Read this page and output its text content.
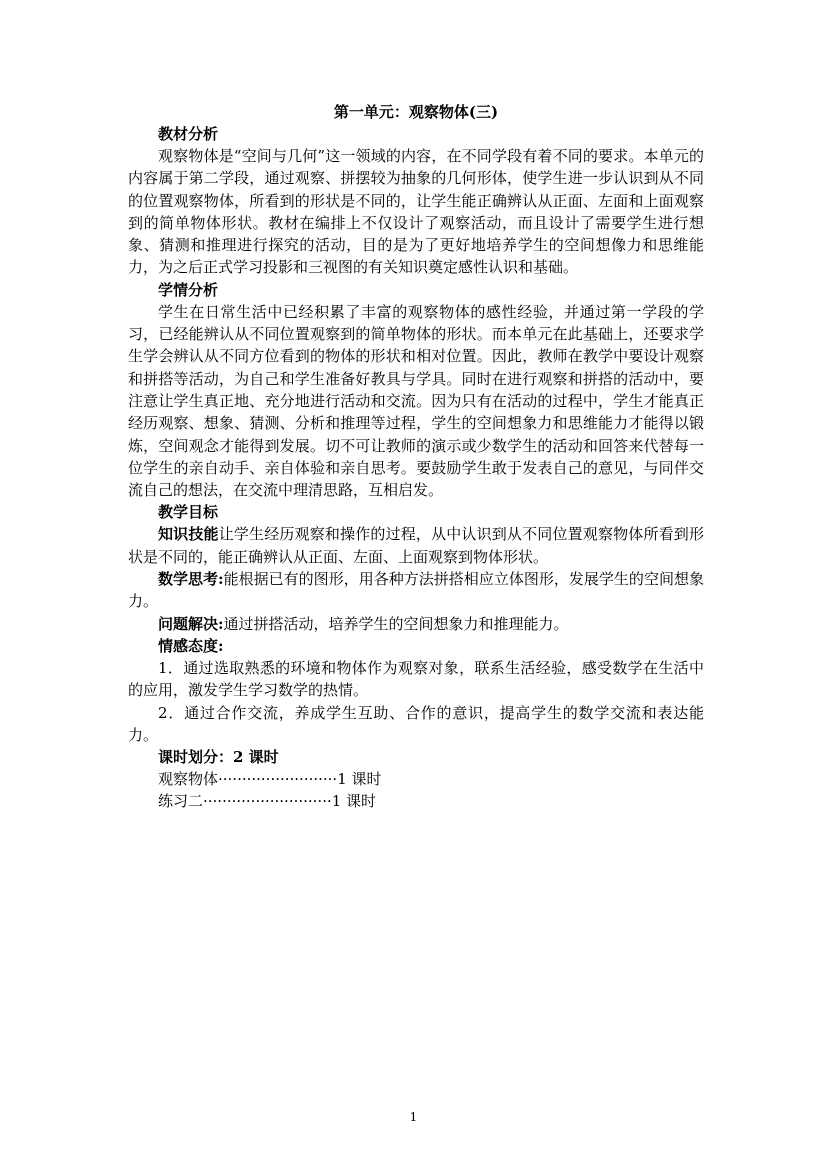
第一单元：观察物体(三)
教材分析

观察物体是“空间与几何”这一领域的内容，在不同学段有着不同的要求。本单元的内容属于第二学段，通过观察、拼摆较为抽象的几何形体，使学生进一步认识到从不同的位置观察物体，所看到的形状是不同的，让学生能正确辨认从正面、左面和上面观察到的简单物体形状。教材在编排上不仅设计了观察活动，而且设计了需要学生进行想象、猜测和推理进行探究的活动，目的是为了更好地培养学生的空间想像力和思维能力，为之后正式学习投影和三视图的有关知识奠定感性认识和基础。

学情分析

学生在日常生活中已经积累了丰富的观察物体的感性经验，并通过第一学段的学习，已经能辨认从不同位置观察到的简单物体的形状。而本单元在此基础上，还要求学生学会辨认从不同方位看到的物体的形状和相对位置。因此，教师在教学中要设计观察和拼搭等活动，为自己和学生准备好教具与学具。同时在进行观察和拼搭的活动中，要注意让学生真正地、充分地进行活动和交流。因为只有在活动的过程中，学生才能真正经历观察、想象、猜测、分析和推理等过程，学生的空间想象力和思维能力才能得以锻炼，空间观念才能得到发展。切不可让教师的演示或少数学生的活动和回答来代替每一位学生的亲自动手、亲自体验和亲自思考。要鼓励学生敢于发表自己的意见，与同伴交流自己的想法，在交流中理清思路，互相启发。

教学目标

知识技能让学生经历观察和操作的过程，从中认识到从不同位置观察物体所看到形状是不同的，能正确辨认从正面、左面、上面观察到物体形状。

数学思考:能根据已有的图形，用各种方法拼搭相应立体图形，发展学生的空间想象力。

问题解决:通过拼搭活动，培养学生的空间想象力和推理能力。

情感态度:

1．通过选取熟悉的环境和物体作为观察对象，联系生活经验，感受数学在生活中的应用，激发学生学习数学的热情。

2．通过合作交流，养成学生互助、合作的意识，提高学生的数学交流和表达能力。

课时划分：2 课时
观察物体·························1 课时
练习二···························1 课时
1
